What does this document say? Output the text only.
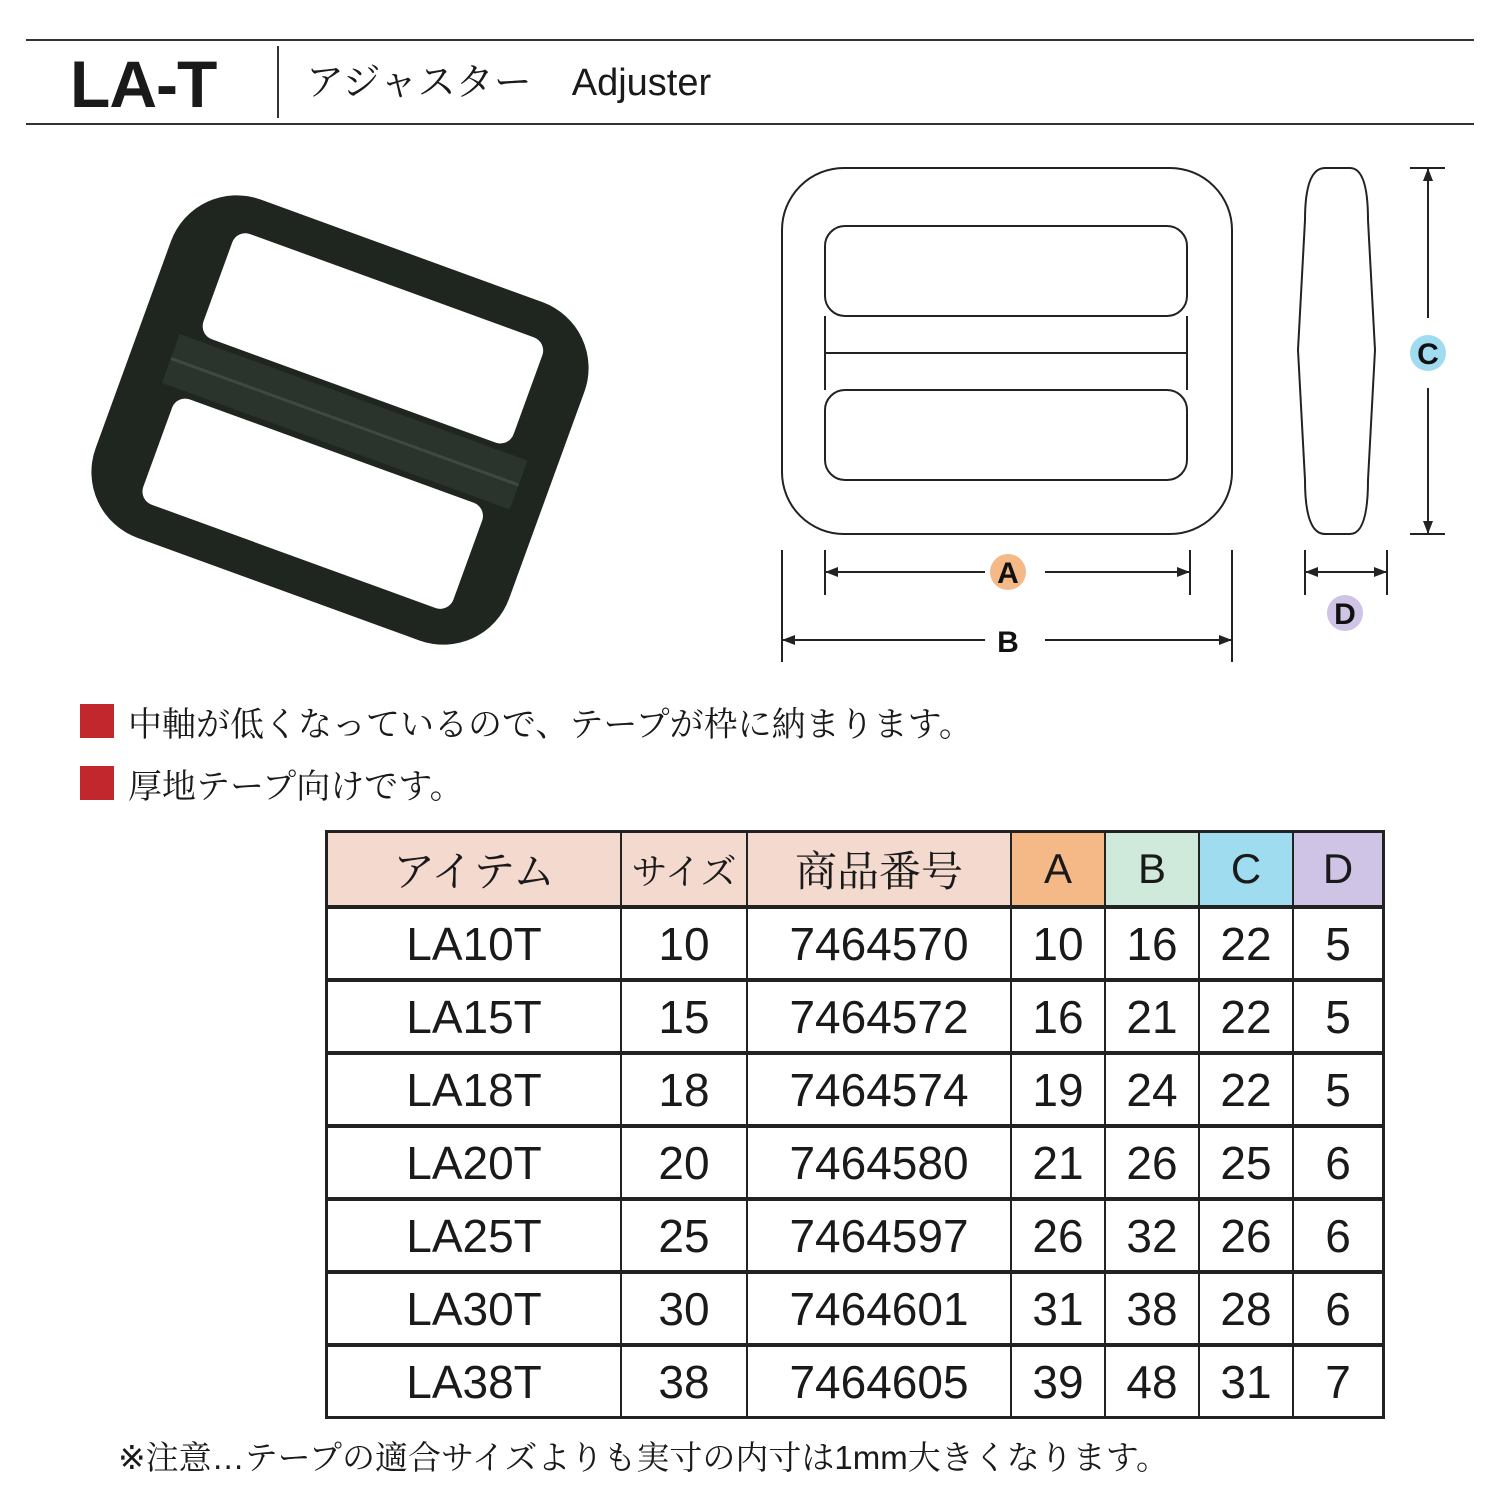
LA-T アジャスター Adjuster
A
B
C
D
中軸が低くなっているので、テープが枠に納まります。
厚地テープ向けです。
アイテム	サイズ	商品番号	A	B	C	D
LA10T	10	7464570	10	16	22	5
LA15T	15	7464572	16	21	22	5
LA18T	18	7464574	19	24	22	5
LA20T	20	7464580	21	26	25	6
LA25T	25	7464597	26	32	26	6
LA30T	30	7464601	31	38	28	6
LA38T	38	7464605	39	48	31	7
※注意…テープの適合サイズよりも実寸の内寸は1mm大きくなります。
